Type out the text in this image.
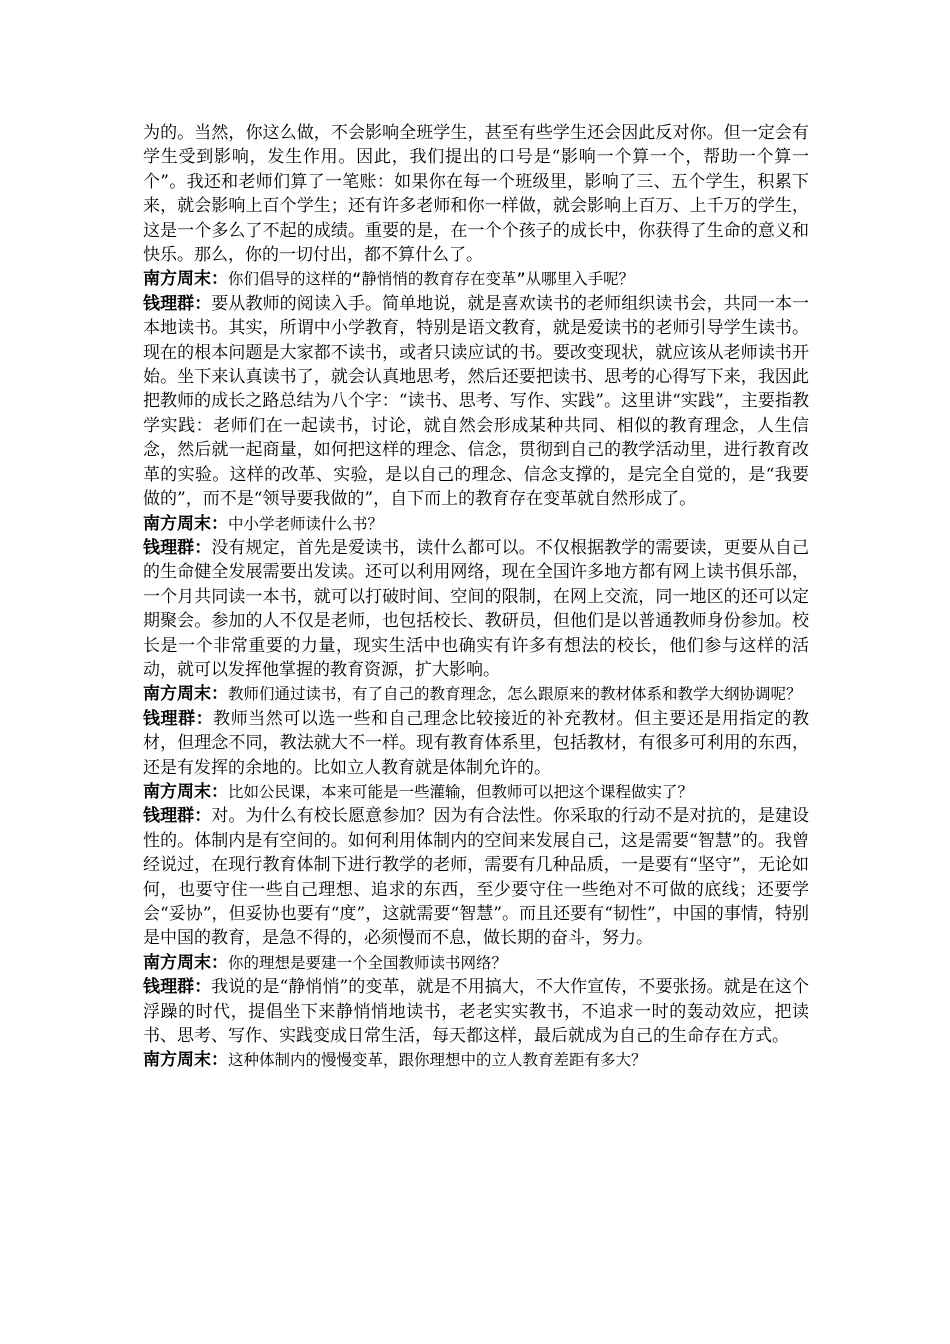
为的。当然，你这么做，不会影响全班学生，甚至有些学生还会因此反对你。但一定会有学生受到影响，发生作用。因此，我们提出的口号是“影响一个算一个，帮助一个算一个”。我还和老师们算了一笔账：如果你在每一个班级里，影响了三、五个学生，积累下来，就会影响上百个学生；还有许多老师和你一样做，就会影响上百万、上千万的学生，这是一个多么了不起的成绩。重要的是，在一个个孩子的成长中，你获得了生命的意义和快乐。那么，你的一切付出，都不算什么了。

南方周末：你们倡导的这样的“静悄悄的教育存在变革”从哪里入手呢？

钱理群：要从教师的阅读入手。简单地说，就是喜欢读书的老师组织读书会，共同一本一本地读书。其实，所谓中小学教育，特别是语文教育，就是爱读书的老师引导学生读书。现在的根本问题是大家都不读书，或者只读应试的书。要改变现状，就应该从老师读书开始。坐下来认真读书了，就会认真地思考，然后还要把读书、思考的心得写下来，我因此把教师的成长之路总结为八个字：“读书、思考、写作、实践”。这里讲“实践”，主要指教学实践：老师们在一起读书，讨论，就自然会形成某种共同、相似的教育理念，人生信念，然后就一起商量，如何把这样的理念、信念，贯彻到自己的教学活动里，进行教育改革的实验。这样的改革、实验，是以自己的理念、信念支撑的，是完全自觉的，是“我要做的”，而不是“领导要我做的”，自下而上的教育存在变革就自然形成了。

南方周末：中小学老师读什么书？

钱理群：没有规定，首先是爱读书，读什么都可以。不仅根据教学的需要读，更要从自己的生命健全发展需要出发读。还可以利用网络，现在全国许多地方都有网上读书俱乐部，一个月共同读一本书，就可以打破时间、空间的限制，在网上交流，同一地区的还可以定期聚会。参加的人不仅是老师，也包括校长、教研员，但他们是以普通教师身份参加。校长是一个非常重要的力量，现实生活中也确实有许多有想法的校长，他们参与这样的活动，就可以发挥他掌握的教育资源，扩大影响。

南方周末：教师们通过读书，有了自己的教育理念，怎么跟原来的教材体系和教学大纲协调呢？

钱理群：教师当然可以选一些和自己理念比较接近的补充教材。但主要还是用指定的教材，但理念不同，教法就大不一样。现有教育体系里，包括教材，有很多可利用的东西，还是有发挥的余地的。比如立人教育就是体制允许的。

南方周末：比如公民课，本来可能是一些灌输，但教师可以把这个课程做实了？

钱理群：对。为什么有校长愿意参加？因为有合法性。你采取的行动不是对抗的，是建设性的。体制内是有空间的。如何利用体制内的空间来发展自己，这是需要“智慧”的。我曾经说过，在现行教育体制下进行教学的老师，需要有几种品质，一是要有“坚守”，无论如何，也要守住一些自己理想、追求的东西，至少要守住一些绝对不可做的底线；还要学会“妥协”，但妥协也要有“度”，这就需要“智慧”。而且还要有“韧性”，中国的事情，特别是中国的教育，是急不得的，必须慢而不息，做长期的奋斗，努力。

南方周末：你的理想是要建一个全国教师读书网络？

钱理群：我说的是“静悄悄”的变革，就是不用搞大，不大作宣传，不要张扬。就是在这个浮躁的时代，提倡坐下来静悄悄地读书，老老实实教书，不追求一时的轰动效应，把读书、思考、写作、实践变成日常生活，每天都这样，最后就成为自己的生命存在方式。

南方周末：这种体制内的慢慢变革，跟你理想中的立人教育差距有多大？
